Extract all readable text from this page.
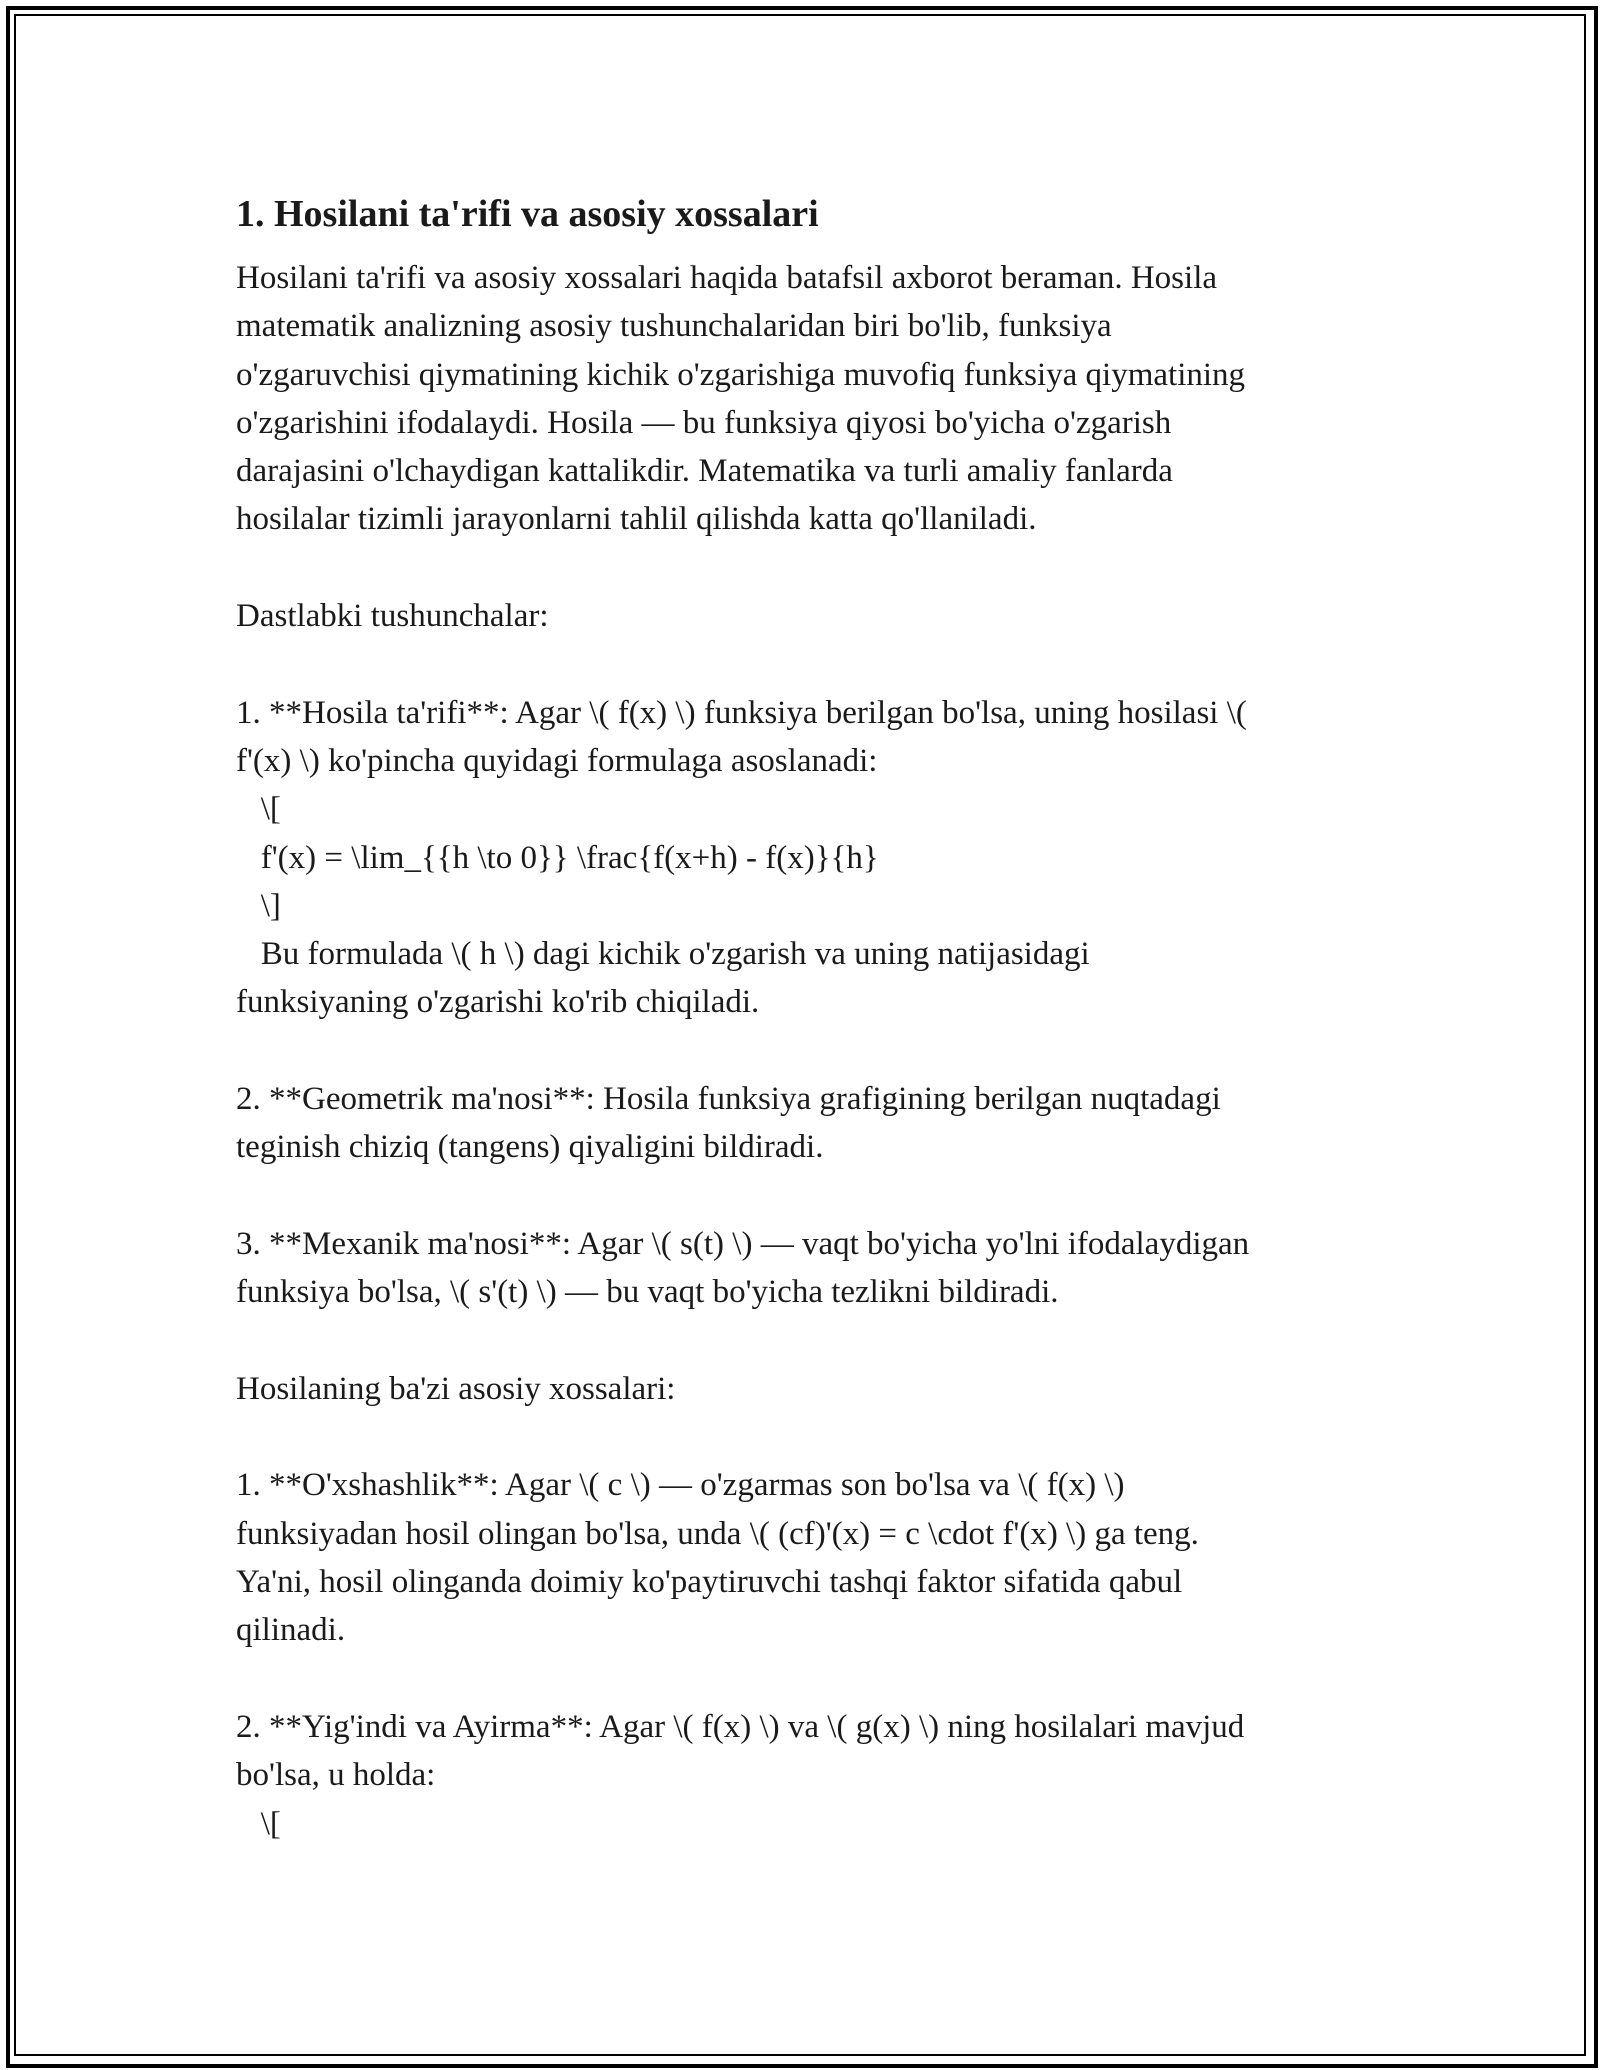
1. Hosilani ta'rifi va asosiy xossalari
Hosilani ta'rifi va asosiy xossalari haqida batafsil axborot beraman. Hosila
matematik analizning asosiy tushunchalaridan biri bo'lib, funksiya
o'zgaruvchisi qiymatining kichik o'zgarishiga muvofiq funksiya qiymatining
o'zgarishini ifodalaydi. Hosila — bu funksiya qiyosi bo'yicha o'zgarish
darajasini o'lchaydigan kattalikdir. Matematika va turli amaliy fanlarda
hosilalar tizimli jarayonlarni tahlil qilishda katta qo'llaniladi.
Dastlabki tushunchalar:
1. **Hosila ta'rifi**: Agar \( f(x) \) funksiya berilgan bo'lsa, uning hosilasi \(
f'(x) \) ko'pincha quyidagi formulaga asoslanadi:
\[
f'(x) = \lim_{{h \to 0}} \frac{f(x+h) - f(x)}{h}
\]
Bu formulada \( h \) dagi kichik o'zgarish va uning natijasidagi
funksiyaning o'zgarishi ko'rib chiqiladi.
2. **Geometrik ma'nosi**: Hosila funksiya grafigining berilgan nuqtadagi
teginish chiziq (tangens) qiyaligini bildiradi.
3. **Mexanik ma'nosi**: Agar \( s(t) \) — vaqt bo'yicha yo'lni ifodalaydigan
funksiya bo'lsa, \( s'(t) \) — bu vaqt bo'yicha tezlikni bildiradi.
Hosilaning ba'zi asosiy xossalari:
1. **O'xshashlik**: Agar \( c \) — o'zgarmas son bo'lsa va \( f(x) \)
funksiyadan hosil olingan bo'lsa, unda \( (cf)'(x) = c \cdot f'(x) \) ga teng.
Ya'ni, hosil olinganda doimiy ko'paytiruvchi tashqi faktor sifatida qabul
qilinadi.
2. **Yig'indi va Ayirma**: Agar \( f(x) \) va \( g(x) \) ning hosilalari mavjud
bo'lsa, u holda:
\[
